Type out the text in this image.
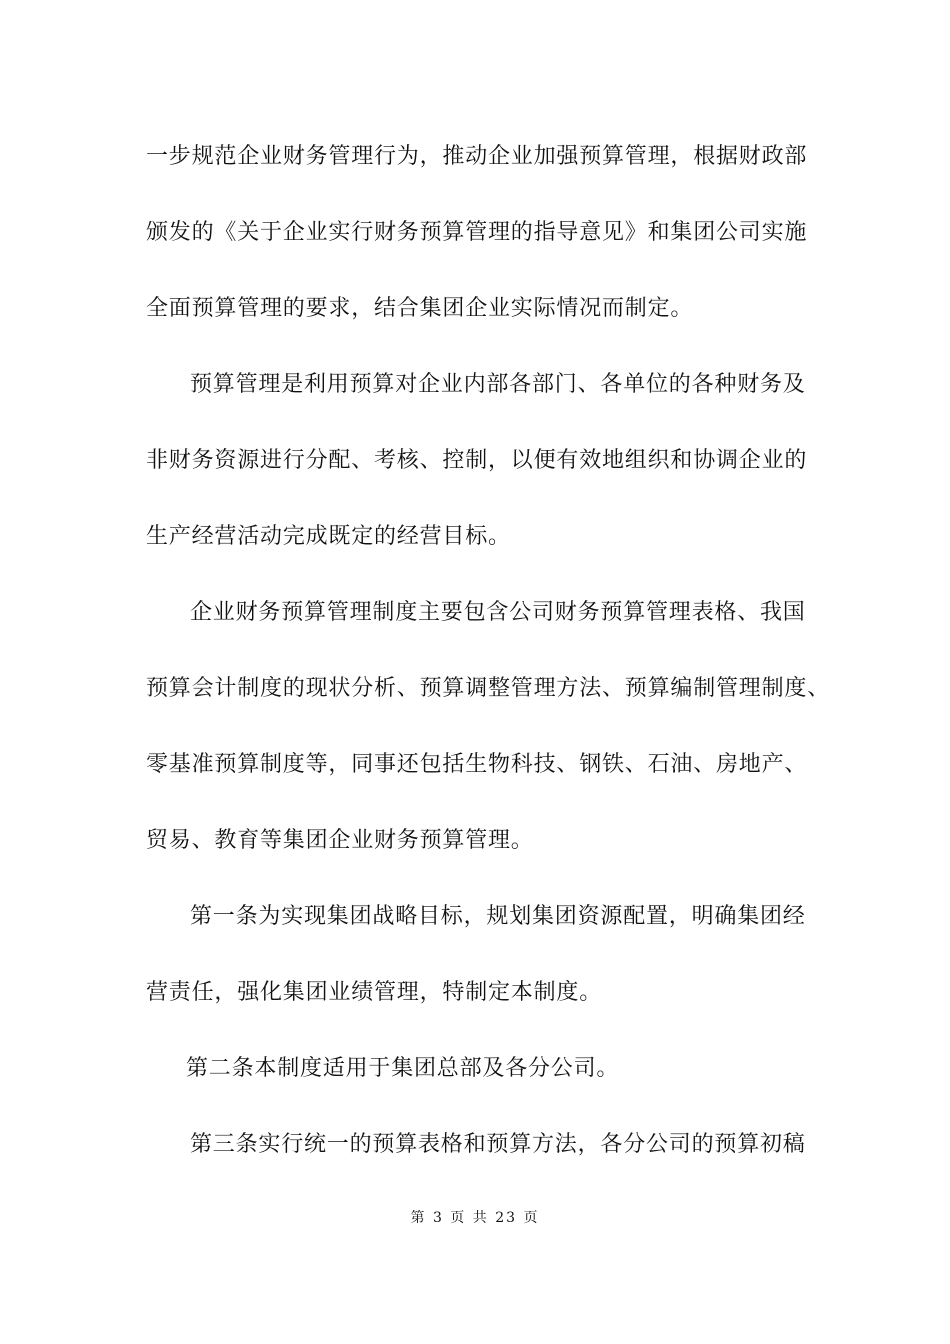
一步规范企业财务管理行为，推动企业加强预算管理，根据财政部
颁发的《关于企业实行财务预算管理的指导意见》和集团公司实施
全面预算管理的要求，结合集团企业实际情况而制定。
预算管理是利用预算对企业内部各部门、各单位的各种财务及
非财务资源进行分配、考核、控制，以便有效地组织和协调企业的
生产经营活动完成既定的经营目标。
企业财务预算管理制度主要包含公司财务预算管理表格、我国
预算会计制度的现状分析、预算调整管理方法、预算编制管理制度、
零基准预算制度等，同事还包括生物科技、钢铁、石油、房地产、
贸易、教育等集团企业财务预算管理。
第一条为实现集团战略目标，规划集团资源配置，明确集团经
营责任，强化集团业绩管理，特制定本制度。
第二条本制度适用于集团总部及各分公司。
第三条实行统一的预算表格和预算方法，各分公司的预算初稿
第 3 页 共 23 页
